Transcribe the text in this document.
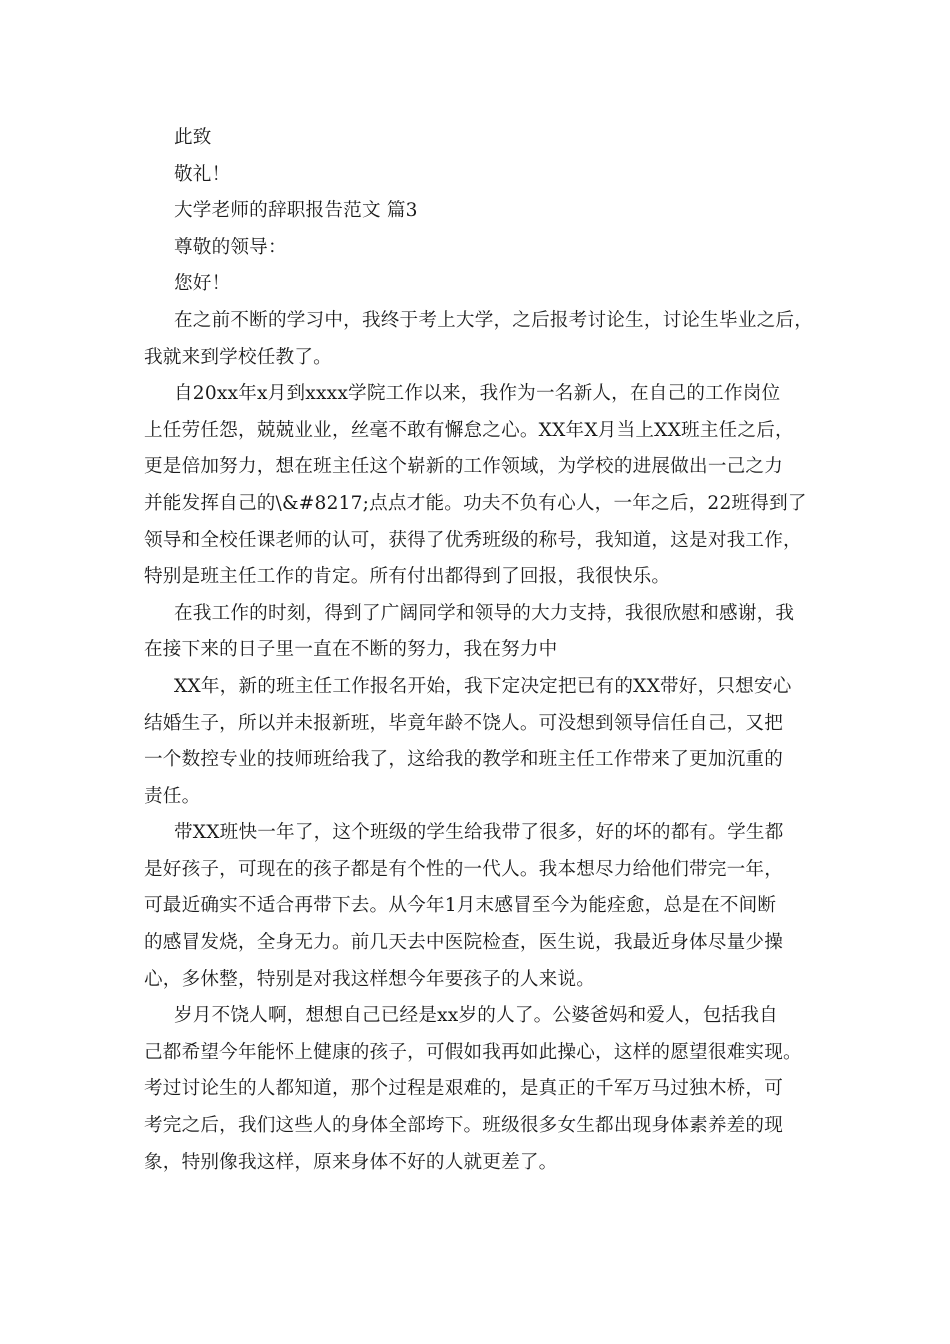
此致

敬礼！

大学老师的辞职报告范文 篇3

尊敬的领导：

您好！

在之前不断的学习中，我终于考上大学，之后报考讨论生，讨论生毕业之后，

我就来到学校任教了。

自20xx年x月到xxxx学院工作以来，我作为一名新人，在自己的工作岗位

上任劳任怨，兢兢业业，丝毫不敢有懈怠之心。XX年X月当上XX班主任之后，

更是倍加努力，想在班主任这个崭新的工作领域，为学校的进展做出一己之力

并能发挥自己的\&#8217;点点才能。功夫不负有心人，一年之后，22班得到了

领导和全校任课老师的认可，获得了优秀班级的称号，我知道，这是对我工作，

特别是班主任工作的肯定。所有付出都得到了回报，我很快乐。

在我工作的时刻，得到了广阔同学和领导的大力支持，我很欣慰和感谢，我

在接下来的日子里一直在不断的努力，我在努力中

XX年，新的班主任工作报名开始，我下定决定把已有的XX带好，只想安心

结婚生子，所以并未报新班，毕竟年龄不饶人。可没想到领导信任自己，又把

一个数控专业的技师班给我了，这给我的教学和班主任工作带来了更加沉重的

责任。

带XX班快一年了，这个班级的学生给我带了很多，好的坏的都有。学生都

是好孩子，可现在的孩子都是有个性的一代人。我本想尽力给他们带完一年，

可最近确实不适合再带下去。从今年1月末感冒至今为能痊愈，总是在不间断

的感冒发烧，全身无力。前几天去中医院检查，医生说，我最近身体尽量少操

心，多休整，特别是对我这样想今年要孩子的人来说。

岁月不饶人啊，想想自己已经是xx岁的人了。公婆爸妈和爱人，包括我自

己都希望今年能怀上健康的孩子，可假如我再如此操心，这样的愿望很难实现。

考过讨论生的人都知道，那个过程是艰难的，是真正的千军万马过独木桥，可

考完之后，我们这些人的身体全部垮下。班级很多女生都出现身体素养差的现

象，特别像我这样，原来身体不好的人就更差了。
